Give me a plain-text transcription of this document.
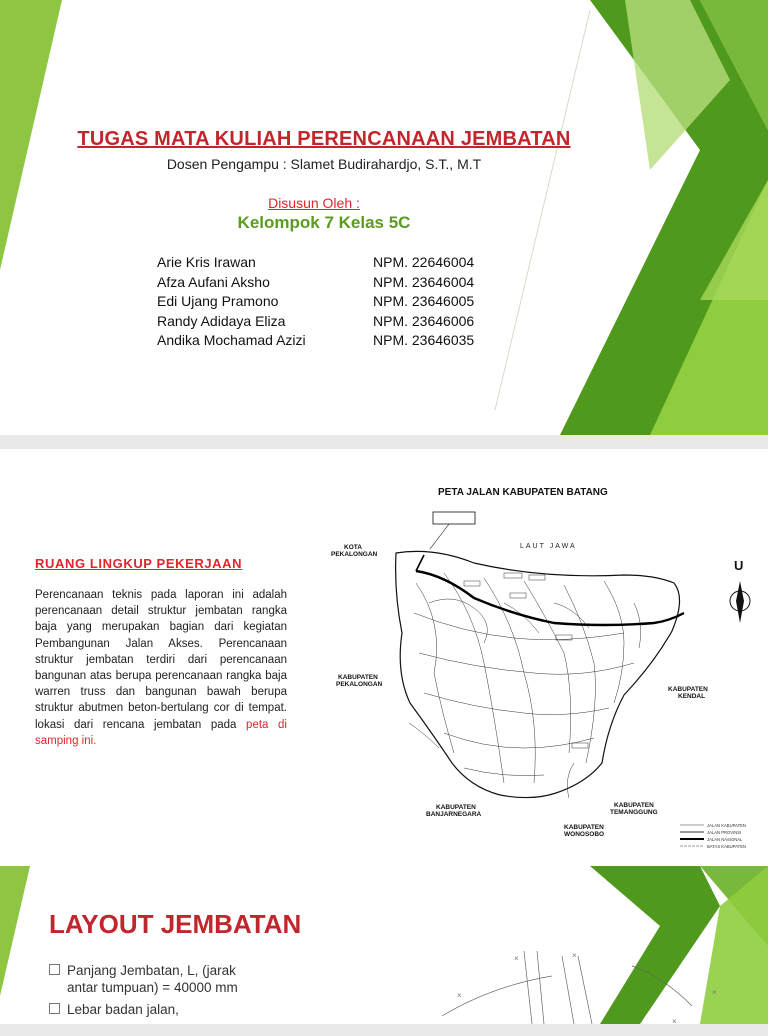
TUGAS MATA KULIAH PERENCANAAN JEMBATAN
Dosen Pengampu : Slamet Budirahardjo, S.T., M.T
Disusun Oleh :
Kelompok 7 Kelas 5C
Arie Kris Irawan	NPM. 22646004
Afza Aufani Aksho	NPM. 23646004
Edi Ujang Pramono	NPM. 23646005
Randy Adidaya Eliza	NPM. 23646006
Andika Mochamad Azizi	NPM. 23646035
RUANG LINGKUP PEKERJAAN
Perencanaan teknis pada laporan ini adalah perencanaan detail struktur jembatan rangka baja yang merupakan bagian dari kegiatan Pembangunan Jalan Akses. Perencanaan struktur jembatan terdiri dari perencanaan bangunan atas berupa perencanaan rangka baja warren truss dan bangunan bawah berupa struktur abutmen beton-bertulang cor di tempat. lokasi dari rencana jembatan pada peta di samping ini.
PETA JALAN KABUPATEN BATANG
LAUT JAWA
KOTA
PEKALONGAN
KABUPATEN
PEKALONGAN
KABUPATEN
KENDAL
KABUPATEN
BANJARNEGARA
KABUPATEN
TEMANGGUNG
KABUPATEN
WONOSOBO
U
JALAN KABUPATEN
JALAN PROVINSI
JALAN NASIONAL
BATAS KABUPATEN
LAYOUT JEMBATAN
Panjang Jembatan, L, (jarak
antar tumpuan) = 40000 mm
Lebar badan jalan,
×
×	×
×
×
